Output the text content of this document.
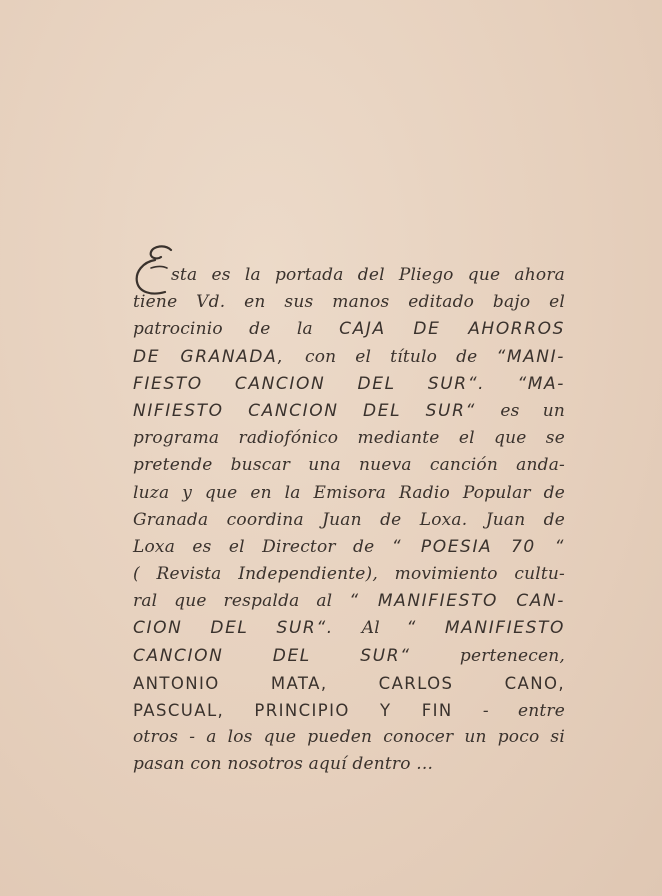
sta es la portada del Pliego que ahora
tiene Vd. en sus manos editado bajo el
patrocinio de la CAJA DE AHORROS
DE GRANADA, con el título de “MANI-
FIESTO CANCION DEL SUR“. “MA-
NIFIESTO CANCION DEL SUR“ es un
programa radiofónico mediante el que se
pretende buscar una nueva canción anda-
luza y que en la Emisora Radio Popular de
Granada coordina Juan de Loxa. Juan de
Loxa es el Director de “ POESIA 70 “
( Revista Independiente), movimiento cultu-
ral que respalda al “ MANIFIESTO CAN-
CION DEL SUR“. Al “ MANIFIESTO
CANCION DEL SUR“ pertenecen,
ANTONIO MATA, CARLOS CANO,
PASCUAL, PRINCIPIO Y FIN - entre
otros - a los que pueden conocer un poco si
pasan con nosotros aquí dentro ...
